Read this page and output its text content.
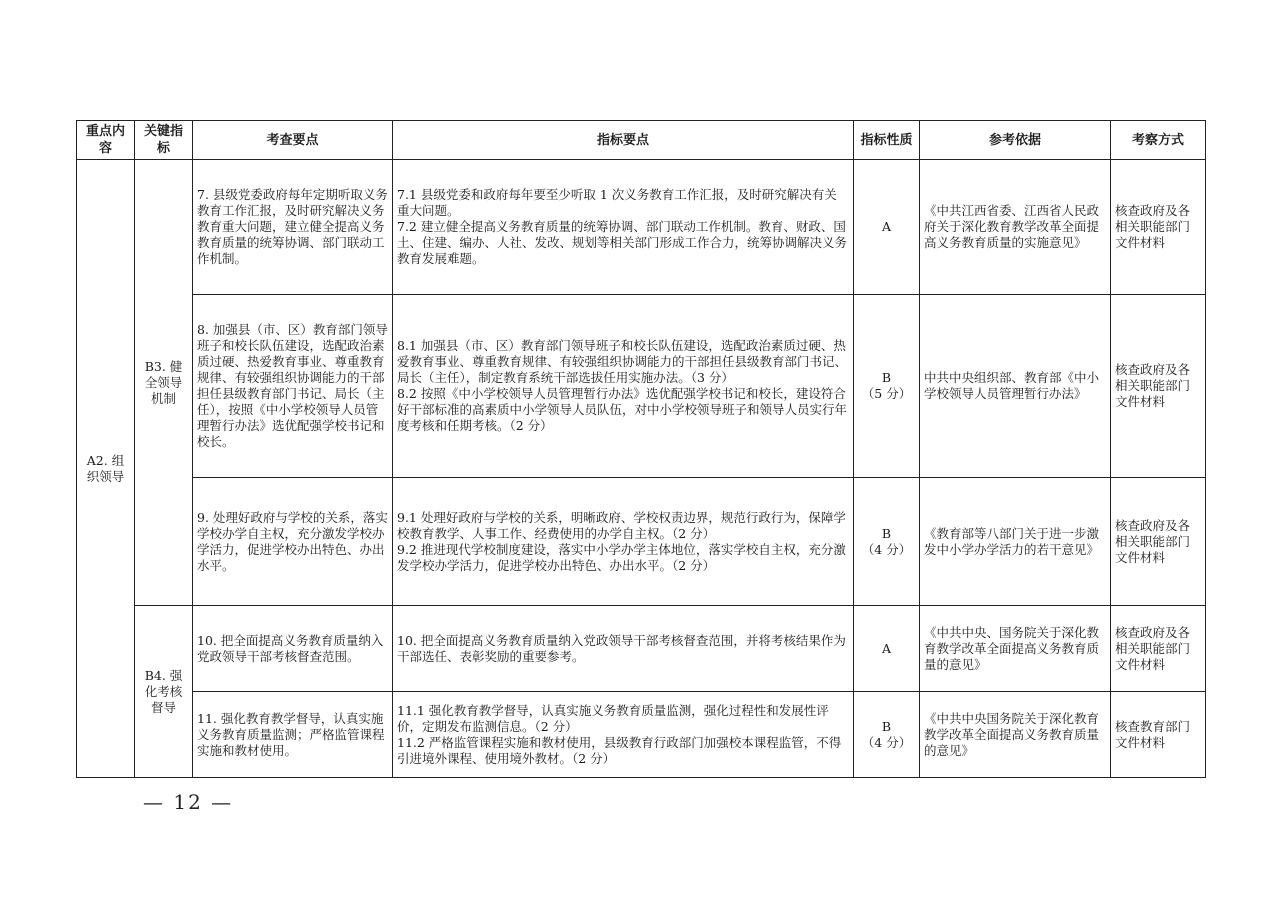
重点内容	关键指标	考查要点	指标要点	指标性质	参考依据	考察方式
A2. 组织领导	B3. 健全领导机制	7. 县级党委政府每年定期听取义务教育工作汇报，及时研究解决义务教育重大问题，建立健全提高义务教育质量的统筹协调、部门联动工作机制。	7.1 县级党委和政府每年要至少听取 1 次义务教育工作汇报，及时研究解决有关重大问题。
7.2 建立健全提高义务教育质量的统筹协调、部门联动工作机制。教育、财政、国土、住建、编办、人社、发改、规划等相关部门形成工作合力，统筹协调解决义务教育发展难题。	A	《中共江西省委、江西省人民政府关于深化教育教学改革全面提高义务教育质量的实施意见》	核查政府及各相关职能部门文件材料
		8. 加强县（市、区）教育部门领导班子和校长队伍建设，选配政治素质过硬、热爱教育事业、尊重教育规律、有较强组织协调能力的干部担任县级教育部门书记、局长（主任），按照《中小学校领导人员管理暂行办法》选优配强学校书记和校长。	8.1 加强县（市、区）教育部门领导班子和校长队伍建设，选配政治素质过硬、热爱教育事业、尊重教育规律、有较强组织协调能力的干部担任县级教育部门书记、局长（主任），制定教育系统干部选拔任用实施办法。（3 分）
8.2 按照《中小学校领导人员管理暂行办法》选优配强学校书记和校长，建设符合好干部标准的高素质中小学领导人员队伍，对中小学校领导班子和领导人员实行年度考核和任期考核。（2 分）	B
（5 分）	中共中央组织部、教育部《中小学校领导人员管理暂行办法》	核查政府及各相关职能部门文件材料
		9. 处理好政府与学校的关系，落实学校办学自主权，充分激发学校办学活力，促进学校办出特色、办出水平。	9.1 处理好政府与学校的关系，明晰政府、学校权责边界，规范行政行为，保障学校教育教学、人事工作、经费使用的办学自主权。（2 分）
9.2 推进现代学校制度建设，落实中小学办学主体地位，落实学校自主权，充分激发学校办学活力，促进学校办出特色、办出水平。（2 分）	B
（4 分）	《教育部等八部门关于进一步激发中小学办学活力的若干意见》	核查政府及各相关职能部门文件材料
	B4. 强化考核督导	10. 把全面提高义务教育质量纳入党政领导干部考核督查范围。	10. 把全面提高义务教育质量纳入党政领导干部考核督查范围，并将考核结果作为干部选任、表彰奖励的重要参考。	A	《中共中央、国务院关于深化教育教学改革全面提高义务教育质量的意见》	核查政府及各相关职能部门文件材料
		11. 强化教育教学督导，认真实施义务教育质量监测；严格监管课程实施和教材使用。	11.1 强化教育教学督导，认真实施义务教育质量监测，强化过程性和发展性评价，定期发布监测信息。（2 分）
11.2 严格监管课程实施和教材使用，县级教育行政部门加强校本课程监管，不得引进境外课程、使用境外教材。（2 分）	B
（4 分）	《中共中央国务院关于深化教育教学改革全面提高义务教育质量的意见》	核查教育部门文件材料
— 12 —
